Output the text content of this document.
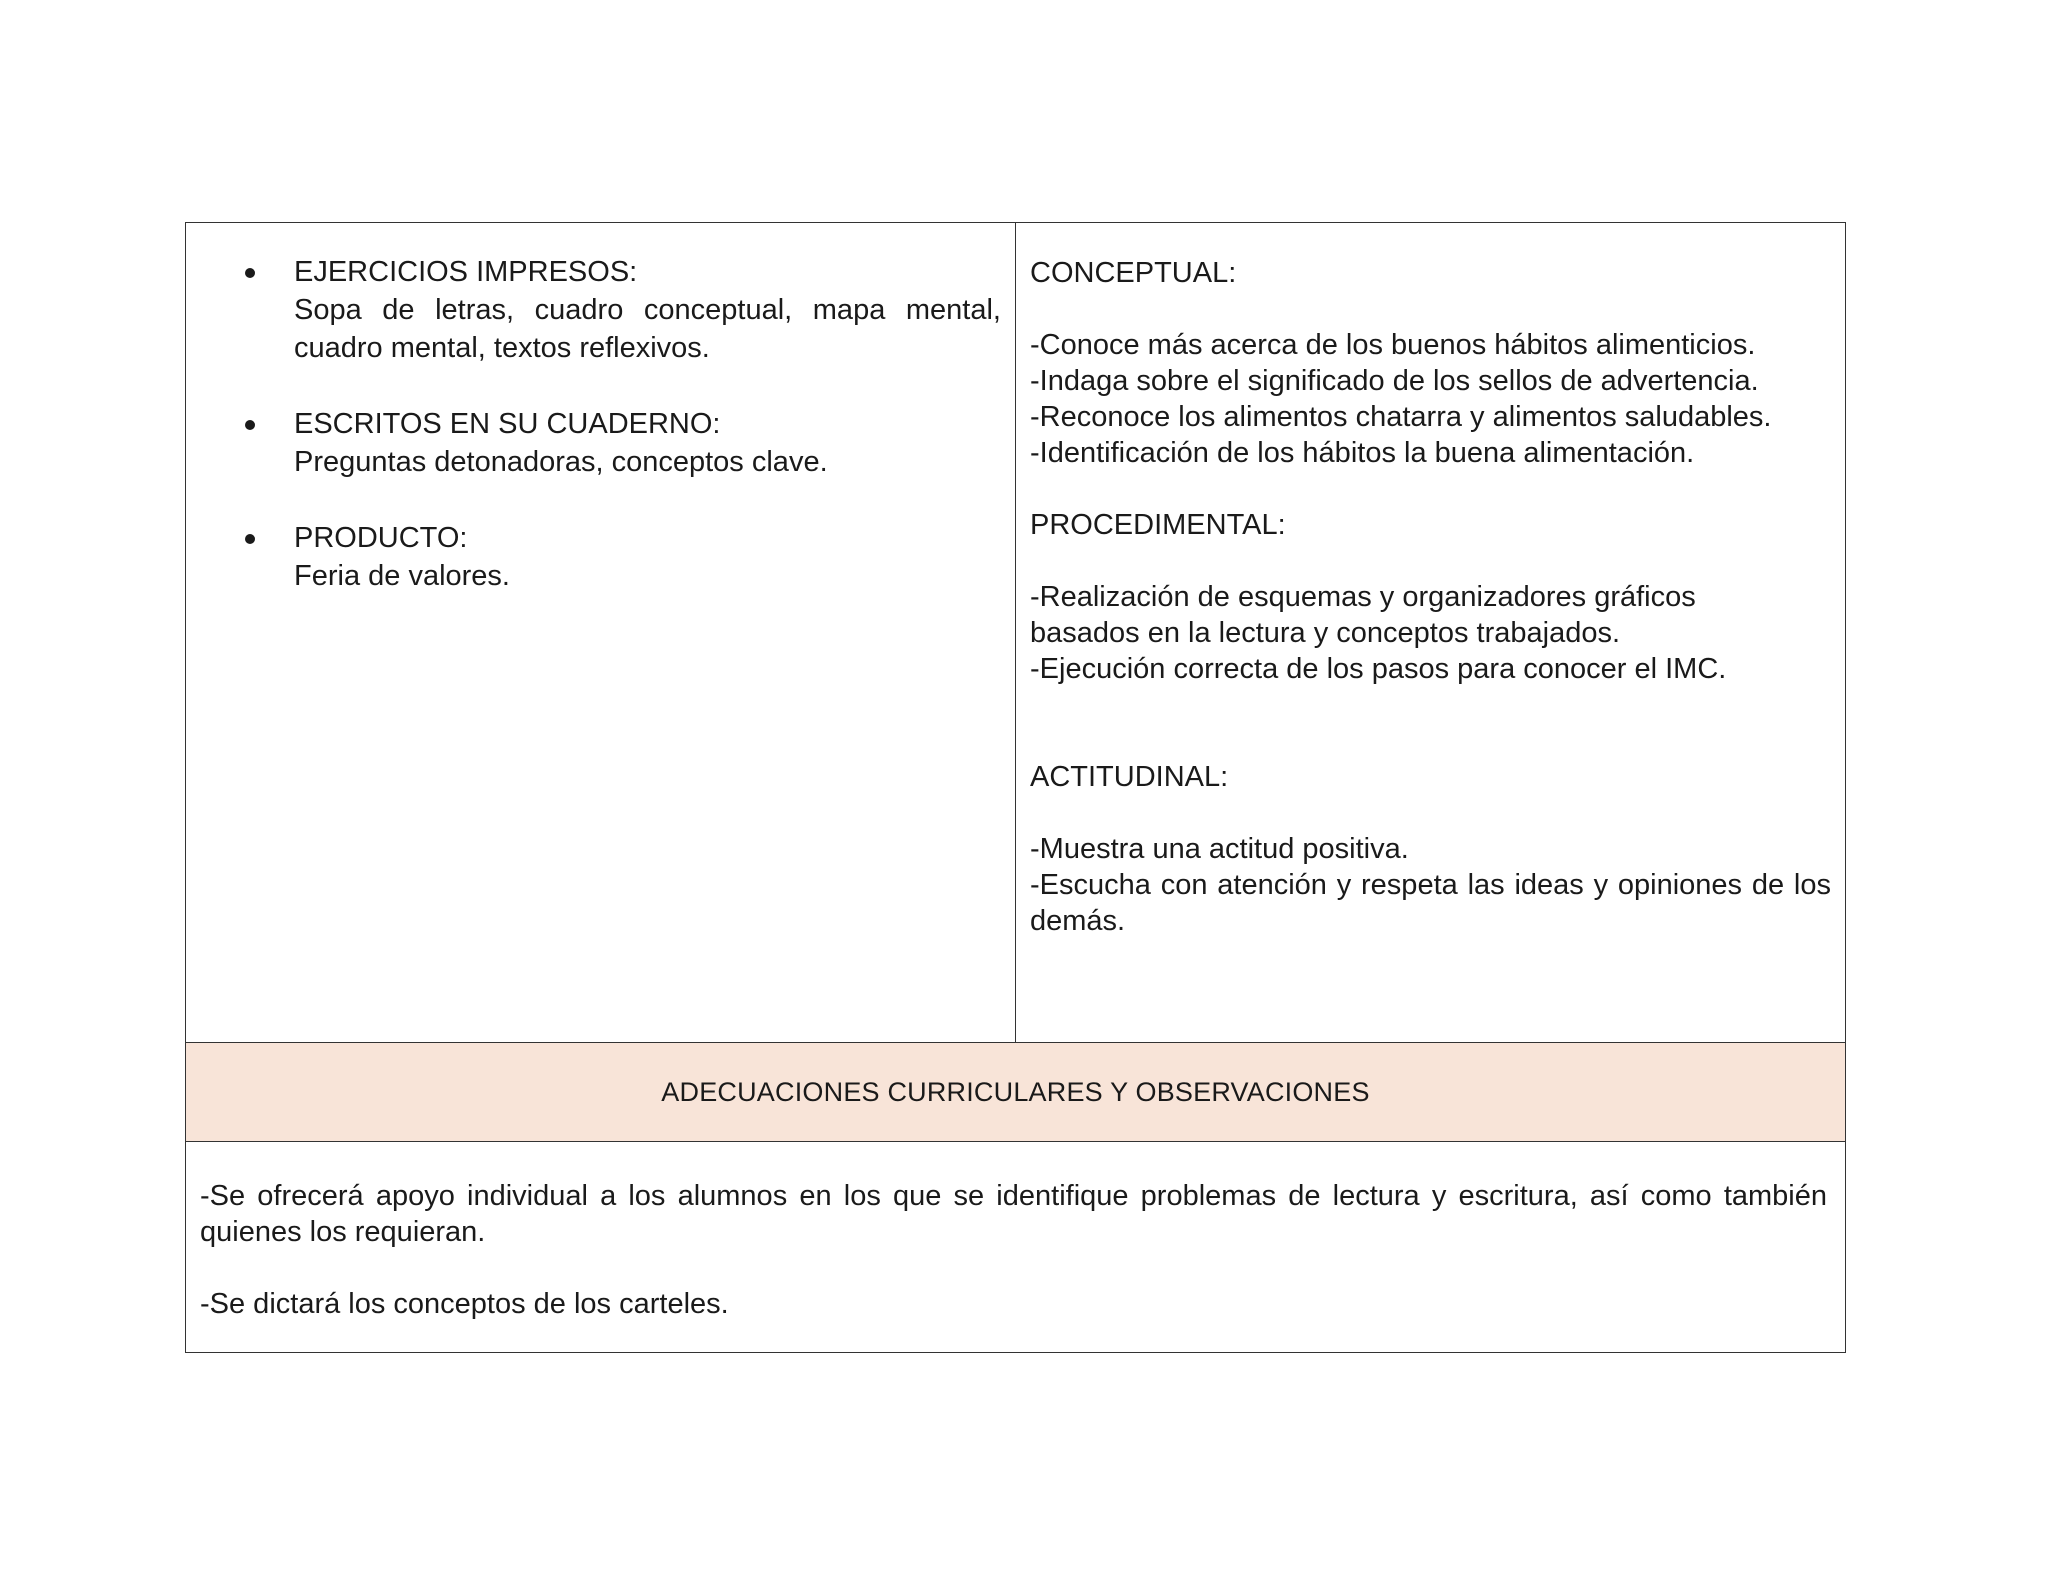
EJERCICIOS IMPRESOS:
Sopa de letras, cuadro conceptual, mapa mental, cuadro mental, textos reflexivos.
ESCRITOS EN SU CUADERNO:
Preguntas detonadoras, conceptos clave.
PRODUCTO:
Feria de valores.

CONCEPTUAL:

-Conoce más acerca de los buenos hábitos alimenticios.
-Indaga sobre el significado de los sellos de advertencia.
-Reconoce los alimentos chatarra y alimentos saludables.
-Identificación de los hábitos la buena alimentación.

PROCEDIMENTAL:

-Realización de esquemas y organizadores gráficos
basados en la lectura y conceptos trabajados.
-Ejecución correcta de los pasos para conocer el IMC.

ACTITUDINAL:

-Muestra una actitud positiva.
-Escucha con atención y respeta las ideas y opiniones de los demás.

ADECUACIONES CURRICULARES Y OBSERVACIONES

-Se ofrecerá apoyo individual a los alumnos en los que se identifique problemas de lectura y escritura, así como también quienes los requieran.

-Se dictará los conceptos de los carteles.
